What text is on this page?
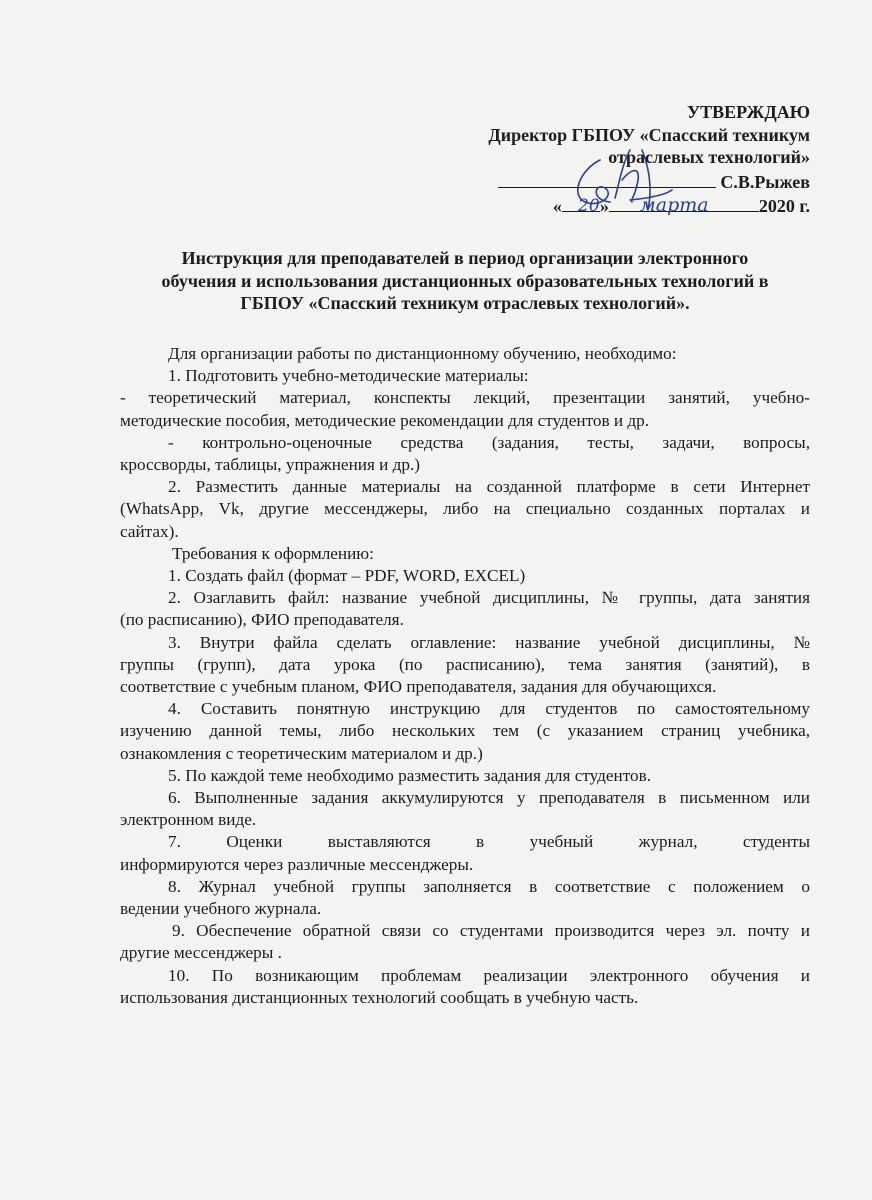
УТВЕРЖДАЮ
Директор ГБПОУ «Спасский техникум
отраслевых технологий»
С.В.Рыжев
« »	2020 г.
20 марта
Инструкция для преподавателей в период организации электронного
обучения и использования дистанционных образовательных технологий в
ГБПОУ «Спасский техникум отраслевых технологий».
Для организации работы по дистанционному обучению, необходимо:
1. Подготовить учебно-методические материалы:
- теоретический материал, конспекты лекций, презентации занятий, учебно-
методические пособия, методические рекомендации для студентов и др.
- контрольно-оценочные средства (задания, тесты, задачи, вопросы,
кроссворды, таблицы, упражнения и др.)
2. Разместить данные материалы на созданной платформе в сети Интернет
(WhatsApp, Vk, другие мессенджеры, либо на специально созданных порталах и
сайтах).
Требования к оформлению:
1. Создать файл (формат – PDF, WORD, EXCEL)
2. Озаглавить файл: название учебной дисциплины, № группы, дата занятия
(по расписанию), ФИО преподавателя.
3. Внутри файла сделать оглавление: название учебной дисциплины, №
группы (групп), дата урока (по расписанию), тема занятия (занятий), в
соответствие с учебным планом, ФИО преподавателя, задания для обучающихся.
4. Составить понятную инструкцию для студентов по самостоятельному
изучению данной темы, либо нескольких тем (с указанием страниц учебника,
ознакомления с теоретическим материалом и др.)
5. По каждой теме необходимо разместить задания для студентов.
6. Выполненные задания аккумулируются у преподавателя в письменном или
электронном виде.
7. Оценки выставляются в учебный журнал, студенты
информируются через различные мессенджеры.
8. Журнал учебной группы заполняется в соответствие с положением о
ведении учебного журнала.
9. Обеспечение обратной связи со студентами производится через эл. почту и
другие мессенджеры .
10. По возникающим проблемам реализации электронного обучения и
использования дистанционных технологий сообщать в учебную часть.
